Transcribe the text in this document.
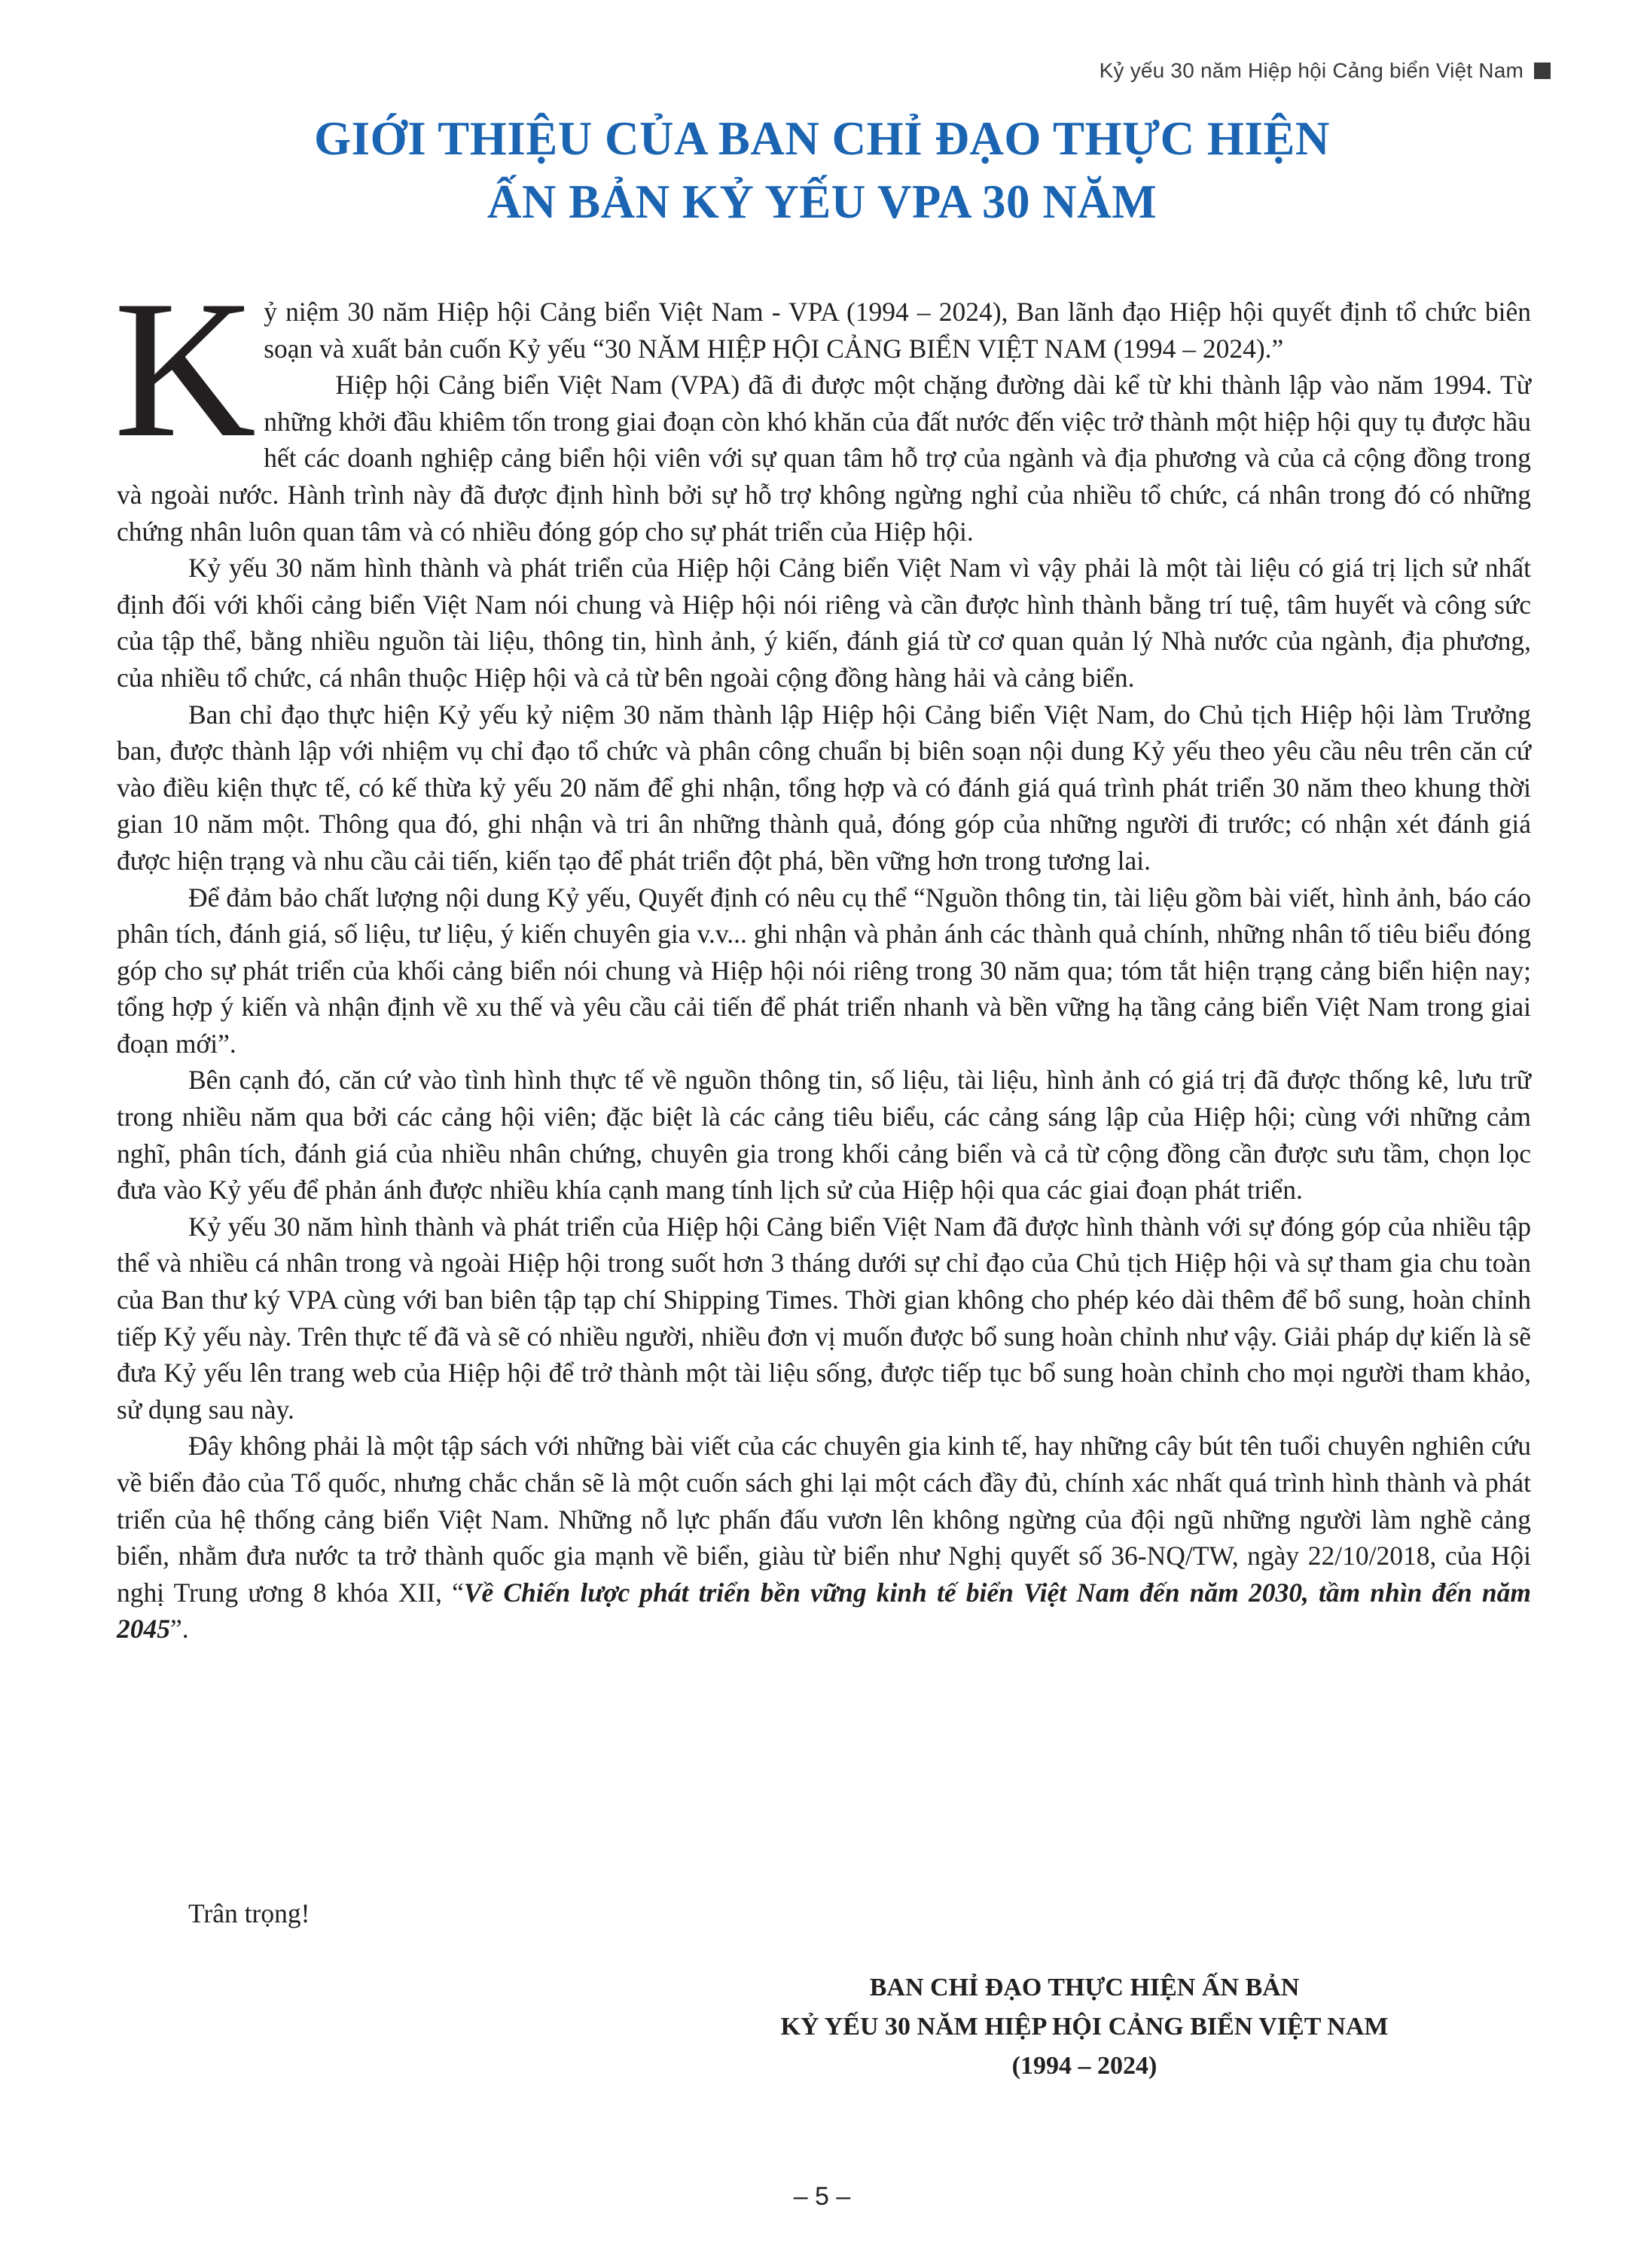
Kỷ yếu 30 năm Hiệp hội Cảng biển Việt Nam
GIỚI THIỆU CỦA BAN CHỈ ĐẠO THỰC HIỆN
ẤN BẢN KỶ YẾU VPA 30 NĂM

Kỷ niệm 30 năm Hiệp hội Cảng biển Việt Nam - VPA (1994 – 2024), Ban lãnh đạo Hiệp hội quyết định tổ chức biên soạn và xuất bản cuốn Kỷ yếu “30 NĂM HIỆP HỘI CẢNG BIỂN VIỆT NAM (1994 – 2024).”

Hiệp hội Cảng biển Việt Nam (VPA) đã đi được một chặng đường dài kể từ khi thành lập vào năm 1994. Từ những khởi đầu khiêm tốn trong giai đoạn còn khó khăn của đất nước đến việc trở thành một hiệp hội quy tụ được hầu hết các doanh nghiệp cảng biển hội viên với sự quan tâm hỗ trợ của ngành và địa phương và của cả cộng đồng trong và ngoài nước. Hành trình này đã được định hình bởi sự hỗ trợ không ngừng nghỉ của nhiều tổ chức, cá nhân trong đó có những chứng nhân luôn quan tâm và có nhiều đóng góp cho sự phát triển của Hiệp hội.

Kỷ yếu 30 năm hình thành và phát triển của Hiệp hội Cảng biển Việt Nam vì vậy phải là một tài liệu có giá trị lịch sử nhất định đối với khối cảng biển Việt Nam nói chung và Hiệp hội nói riêng và cần được hình thành bằng trí tuệ, tâm huyết và công sức của tập thể, bằng nhiều nguồn tài liệu, thông tin, hình ảnh, ý kiến, đánh giá từ cơ quan quản lý Nhà nước của ngành, địa phương, của nhiều tổ chức, cá nhân thuộc Hiệp hội và cả từ bên ngoài cộng đồng hàng hải và cảng biển.

Ban chỉ đạo thực hiện Kỷ yếu kỷ niệm 30 năm thành lập Hiệp hội Cảng biển Việt Nam, do Chủ tịch Hiệp hội làm Trưởng ban, được thành lập với nhiệm vụ chỉ đạo tổ chức và phân công chuẩn bị biên soạn nội dung Kỷ yếu theo yêu cầu nêu trên căn cứ vào điều kiện thực tế, có kế thừa kỷ yếu 20 năm để ghi nhận, tổng hợp và có đánh giá quá trình phát triển 30 năm theo khung thời gian 10 năm một. Thông qua đó, ghi nhận và tri ân những thành quả, đóng góp của những người đi trước; có nhận xét đánh giá được hiện trạng và nhu cầu cải tiến, kiến tạo để phát triển đột phá, bền vững hơn trong tương lai.

Để đảm bảo chất lượng nội dung Kỷ yếu, Quyết định có nêu cụ thể “Nguồn thông tin, tài liệu gồm bài viết, hình ảnh, báo cáo phân tích, đánh giá, số liệu, tư liệu, ý kiến chuyên gia v.v... ghi nhận và phản ánh các thành quả chính, những nhân tố tiêu biểu đóng góp cho sự phát triển của khối cảng biển nói chung và Hiệp hội nói riêng trong 30 năm qua; tóm tắt hiện trạng cảng biển hiện nay; tổng hợp ý kiến và nhận định về xu thế và yêu cầu cải tiến để phát triển nhanh và bền vững hạ tầng cảng biển Việt Nam trong giai đoạn mới”.

Bên cạnh đó, căn cứ vào tình hình thực tế về nguồn thông tin, số liệu, tài liệu, hình ảnh có giá trị đã được thống kê, lưu trữ trong nhiều năm qua bởi các cảng hội viên; đặc biệt là các cảng tiêu biểu, các cảng sáng lập của Hiệp hội; cùng với những cảm nghĩ, phân tích, đánh giá của nhiều nhân chứng, chuyên gia trong khối cảng biển và cả từ cộng đồng cần được sưu tầm, chọn lọc đưa vào Kỷ yếu để phản ánh được nhiều khía cạnh mang tính lịch sử của Hiệp hội qua các giai đoạn phát triển.

Kỷ yếu 30 năm hình thành và phát triển của Hiệp hội Cảng biển Việt Nam đã được hình thành với sự đóng góp của nhiều tập thể và nhiều cá nhân trong và ngoài Hiệp hội trong suốt hơn 3 tháng dưới sự chỉ đạo của Chủ tịch Hiệp hội và sự tham gia chu toàn của Ban thư ký VPA cùng với ban biên tập tạp chí Shipping Times. Thời gian không cho phép kéo dài thêm để bổ sung, hoàn chỉnh tiếp Kỷ yếu này. Trên thực tế đã và sẽ có nhiều người, nhiều đơn vị muốn được bổ sung hoàn chỉnh như vậy. Giải pháp dự kiến là sẽ đưa Kỷ yếu lên trang web của Hiệp hội để trở thành một tài liệu sống, được tiếp tục bổ sung hoàn chỉnh cho mọi người tham khảo, sử dụng sau này.

Đây không phải là một tập sách với những bài viết của các chuyên gia kinh tế, hay những cây bút tên tuổi chuyên nghiên cứu về biển đảo của Tổ quốc, nhưng chắc chắn sẽ là một cuốn sách ghi lại một cách đầy đủ, chính xác nhất quá trình hình thành và phát triển của hệ thống cảng biển Việt Nam. Những nỗ lực phấn đấu vươn lên không ngừng của đội ngũ những người làm nghề cảng biển, nhằm đưa nước ta trở thành quốc gia mạnh về biển, giàu từ biển như Nghị quyết số 36-NQ/TW, ngày 22/10/2018, của Hội nghị Trung ương 8 khóa XII, “Về Chiến lược phát triển bền vững kinh tế biển Việt Nam đến năm 2030, tầm nhìn đến năm 2045”.

Trân trọng!
BAN CHỈ ĐẠO THỰC HIỆN ẤN BẢN
KỶ YẾU 30 NĂM HIỆP HỘI CẢNG BIỂN VIỆT NAM
(1994 – 2024)
– 5 –
